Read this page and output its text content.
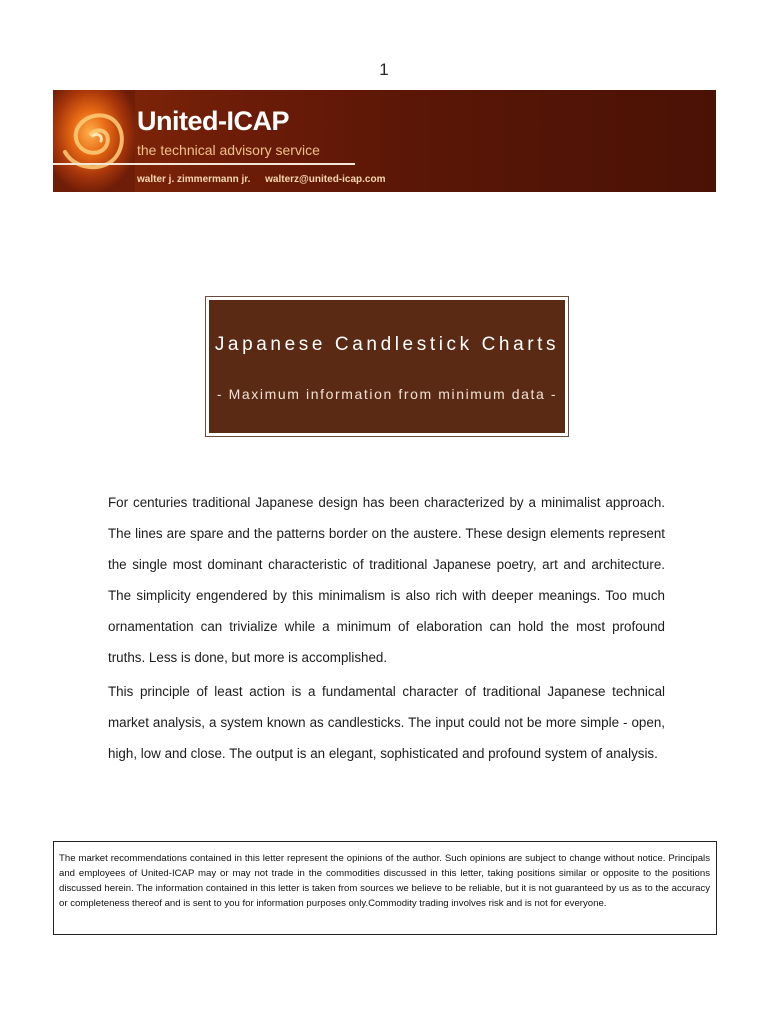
1
United-ICAP
the technical advisory service
walter j. zimmermann jr. walterz@united-icap.com
Japanese Candlestick Charts
- Maximum information from minimum data -

For centuries traditional Japanese design has been characterized by a minimalist approach. The lines are spare and the patterns border on the austere. These design elements represent the single most dominant characteristic of traditional Japanese poetry, art and architecture. The simplicity engendered by this minimalism is also rich with deeper meanings. Too much ornamentation can trivialize while a minimum of elaboration can hold the most profound truths. Less is done, but more is accomplished.

This principle of least action is a fundamental character of traditional Japanese technical market analysis, a system known as candlesticks. The input could not be more simple - open, high, low and close. The output is an elegant, sophisticated and profound system of analysis.

The market recommendations contained in this letter represent the opinions of the author. Such opinions are subject to change without notice. Principals and employees of United-ICAP may or may not trade in the commodities discussed in this letter, taking positions similar or opposite to the positions discussed herein. The information contained in this letter is taken from sources we believe to be reliable, but it is not guaranteed by us as to the accuracy or completeness thereof and is sent to you for information purposes only.Commodity trading involves risk and is not for everyone.
